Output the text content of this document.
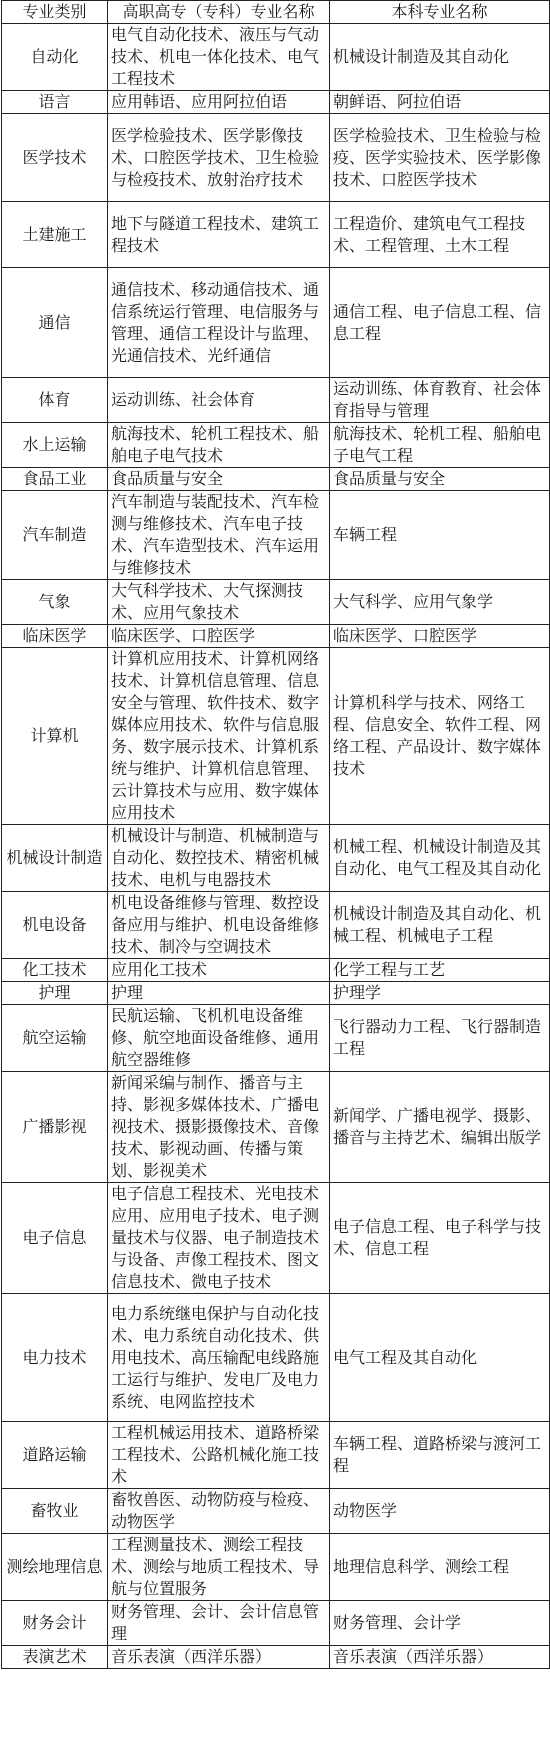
专业类别	高职高专（专科）专业名称	本科专业名称
自动化	电气自动化技术、液压与气动技术、机电一体化技术、电气工程技术	机械设计制造及其自动化
语言	应用韩语、应用阿拉伯语	朝鲜语、阿拉伯语
医学技术	医学检验技术、医学影像技术、口腔医学技术、卫生检验与检疫技术、放射治疗技术	医学检验技术、卫生检验与检疫、医学实验技术、医学影像技术、口腔医学技术
土建施工	地下与隧道工程技术、建筑工程技术	工程造价、建筑电气工程技术、工程管理、土木工程
通信	通信技术、移动通信技术、通信系统运行管理、电信服务与管理、通信工程设计与监理、光通信技术、光纤通信	通信工程、电子信息工程、信息工程
体育	运动训练、社会体育	运动训练、体育教育、社会体育指导与管理
水上运输	航海技术、轮机工程技术、船舶电子电气技术	航海技术、轮机工程、船舶电子电气工程
食品工业	食品质量与安全	食品质量与安全
汽车制造	汽车制造与装配技术、汽车检测与维修技术、汽车电子技术、汽车造型技术、汽车运用与维修技术	车辆工程
气象	大气科学技术、大气探测技术、应用气象技术	大气科学、应用气象学
临床医学	临床医学、口腔医学	临床医学、口腔医学
计算机	计算机应用技术、计算机网络技术、计算机信息管理、信息安全与管理、软件技术、数字媒体应用技术、软件与信息服务、数字展示技术、计算机系统与维护、计算机信息管理、云计算技术与应用、数字媒体应用技术	计算机科学与技术、网络工程、信息安全、软件工程、网络工程、产品设计、数字媒体技术
机械设计制造	机械设计与制造、机械制造与自动化、数控技术、精密机械技术、电机与电器技术	机械工程、机械设计制造及其自动化、电气工程及其自动化
机电设备	机电设备维修与管理、数控设备应用与维护、机电设备维修技术、制冷与空调技术	机械设计制造及其自动化、机械工程、机械电子工程
化工技术	应用化工技术	化学工程与工艺
护理	护理	护理学
航空运输	民航运输、飞机机电设备维修、航空地面设备维修、通用航空器维修	飞行器动力工程、飞行器制造工程
广播影视	新闻采编与制作、播音与主持、影视多媒体技术、广播电视技术、摄影摄像技术、音像技术、影视动画、传播与策划、影视美术	新闻学、广播电视学、摄影、播音与主持艺术、编辑出版学
电子信息	电子信息工程技术、光电技术应用、应用电子技术、电子测量技术与仪器、电子制造技术与设备、声像工程技术、图文信息技术、微电子技术	电子信息工程、电子科学与技术、信息工程
电力技术	电力系统继电保护与自动化技术、电力系统自动化技术、供用电技术、高压输配电线路施工运行与维护、发电厂及电力系统、电网监控技术	电气工程及其自动化
道路运输	工程机械运用技术、道路桥梁工程技术、公路机械化施工技术	车辆工程、道路桥梁与渡河工程
畜牧业	畜牧兽医、动物防疫与检疫、动物医学	动物医学
测绘地理信息	工程测量技术、测绘工程技术、测绘与地质工程技术、导航与位置服务	地理信息科学、测绘工程
财务会计	财务管理、会计、会计信息管理	财务管理、会计学
表演艺术	音乐表演（西洋乐器）	音乐表演（西洋乐器）
